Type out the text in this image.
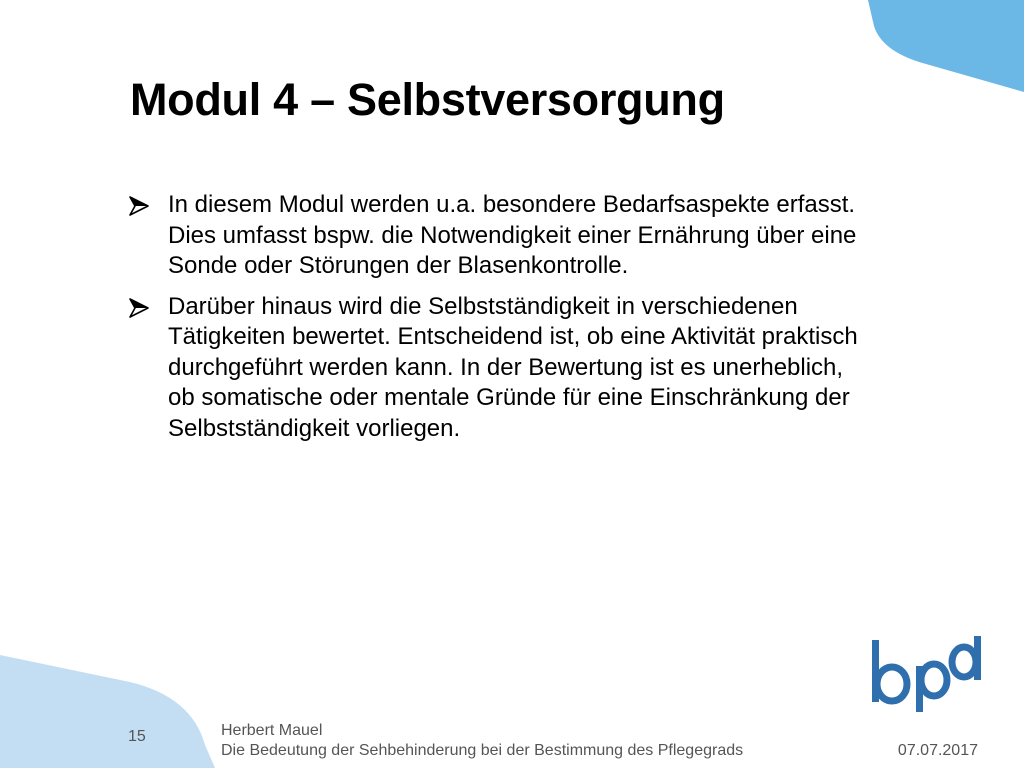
Modul 4 – Selbstversorgung
In diesem Modul werden u.a. besondere Bedarfsaspekte erfasst. Dies umfasst bspw. die Notwendigkeit einer Ernährung über eine Sonde oder Störungen der Blasenkontrolle.
Darüber hinaus wird die Selbstständigkeit in verschiedenen Tätigkeiten bewertet. Entscheidend ist, ob eine Aktivität praktisch durchgeführt werden kann. In der Bewertung ist es unerheblich, ob somatische oder mentale Gründe für eine Einschränkung der Selbstständigkeit vorliegen.
15	Herbert Mauel
Die Bedeutung der Sehbehinderung bei der Bestimmung des Pflegegrads	07.07.2017
